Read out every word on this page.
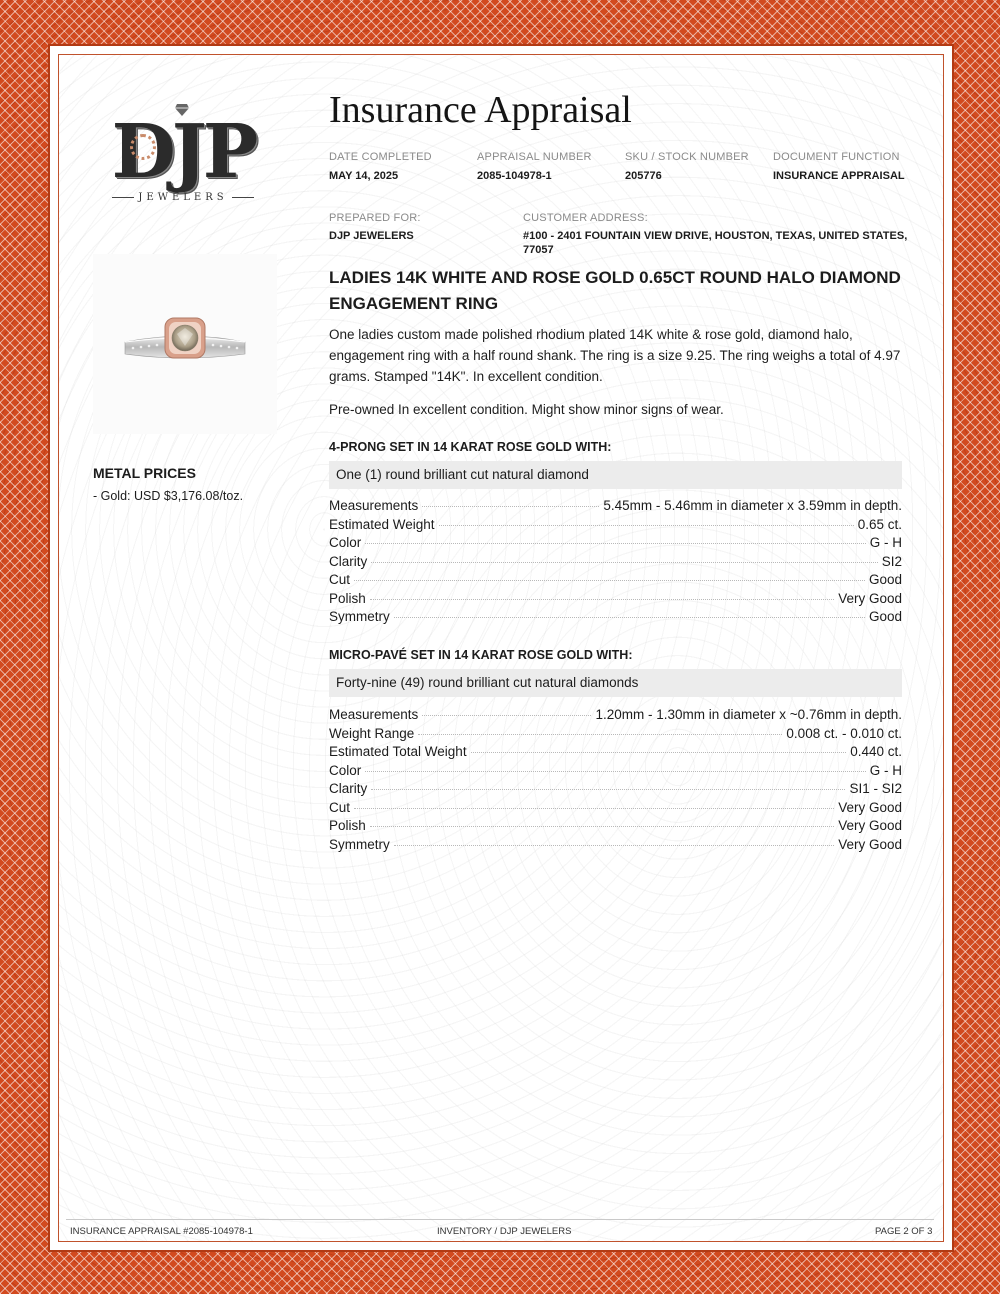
DJP
JEWELERS
Insurance Appraisal
DATE COMPLETED
MAY 14, 2025
APPRAISAL NUMBER
2085-104978-1
SKU / STOCK NUMBER
205776
DOCUMENT FUNCTION
INSURANCE APPRAISAL
PREPARED FOR:
DJP JEWELERS
CUSTOMER ADDRESS:
#100 - 2401 FOUNTAIN VIEW DRIVE, HOUSTON, TEXAS, UNITED STATES,
77057
LADIES 14K WHITE AND ROSE GOLD 0.65CT ROUND HALO DIAMOND
ENGAGEMENT RING
One ladies custom made polished rhodium plated 14K white & rose gold, diamond halo,
engagement ring with a half round shank. The ring is a size 9.25. The ring weighs a total of 4.97
grams. Stamped "14K". In excellent condition.
Pre-owned In excellent condition. Might show minor signs of wear.
METAL PRICES
- Gold: USD $3,176.08/toz.
4-PRONG SET IN 14 KARAT ROSE GOLD WITH:
One (1) round brilliant cut natural diamond
Measurements	5.45mm - 5.46mm in diameter x 3.59mm in depth.
Estimated Weight	0.65 ct.
Color	G - H
Clarity	SI2
Cut	Good
Polish	Very Good
Symmetry	Good
MICRO-PAVÉ SET IN 14 KARAT ROSE GOLD WITH:
Forty-nine (49) round brilliant cut natural diamonds
Measurements	1.20mm - 1.30mm in diameter x ~0.76mm in depth.
Weight Range	0.008 ct. - 0.010 ct.
Estimated Total Weight	0.440 ct.
Color	G - H
Clarity	SI1 - SI2
Cut	Very Good
Polish	Very Good
Symmetry	Very Good
INSURANCE APPRAISAL #2085-104978-1	INVENTORY / DJP JEWELERS	PAGE 2 OF 3
